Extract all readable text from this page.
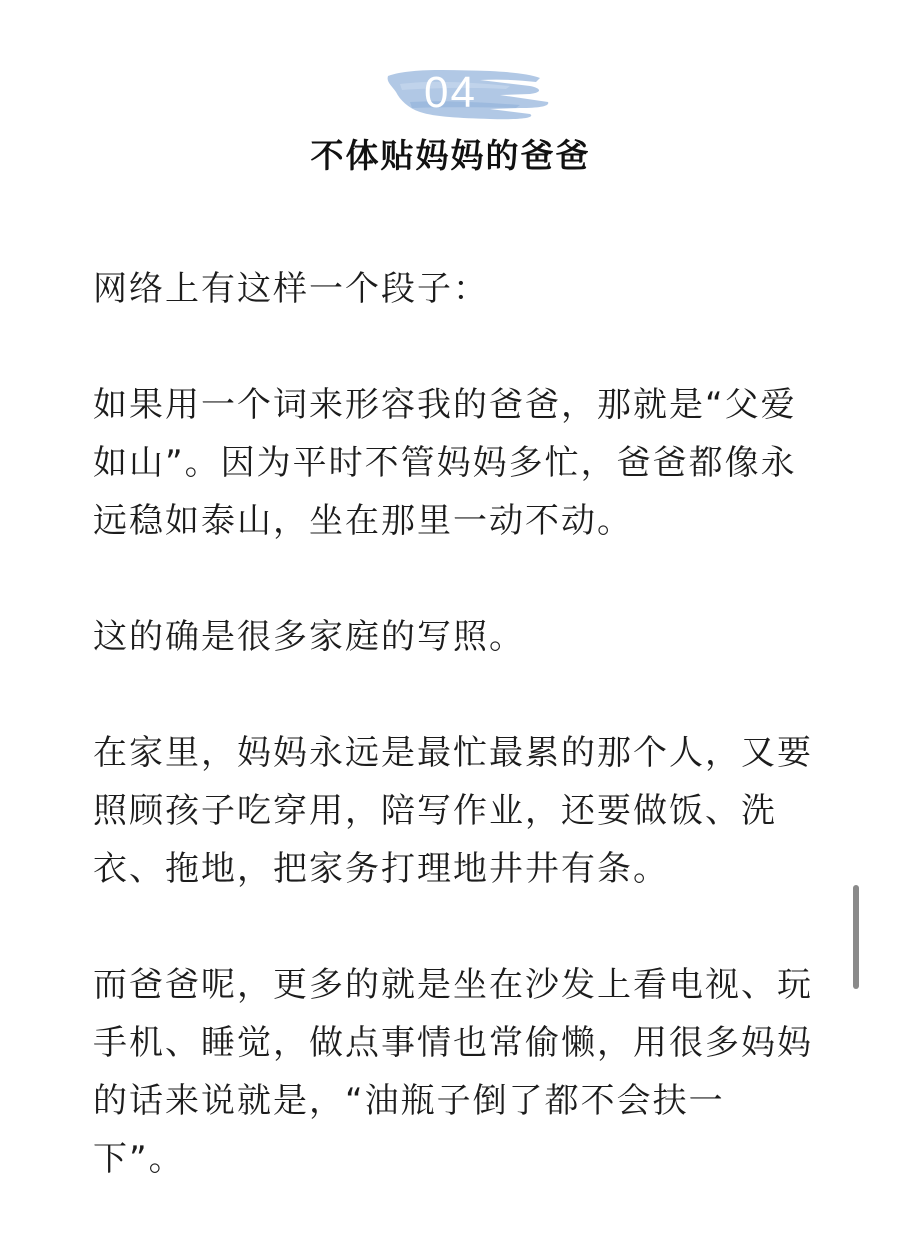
04
不体贴妈妈的爸爸

网络上有这样一个段子：

如果用一个词来形容我的爸爸，那就是“父爱如山”。因为平时不管妈妈多忙，爸爸都像永远稳如泰山，坐在那里一动不动。

这的确是很多家庭的写照。

在家里，妈妈永远是最忙最累的那个人，又要照顾孩子吃穿用，陪写作业，还要做饭、洗衣、拖地，把家务打理地井井有条。

而爸爸呢，更多的就是坐在沙发上看电视、玩手机、睡觉，做点事情也常偷懒，用很多妈妈的话来说就是，“油瓶子倒了都不会扶一下”。
